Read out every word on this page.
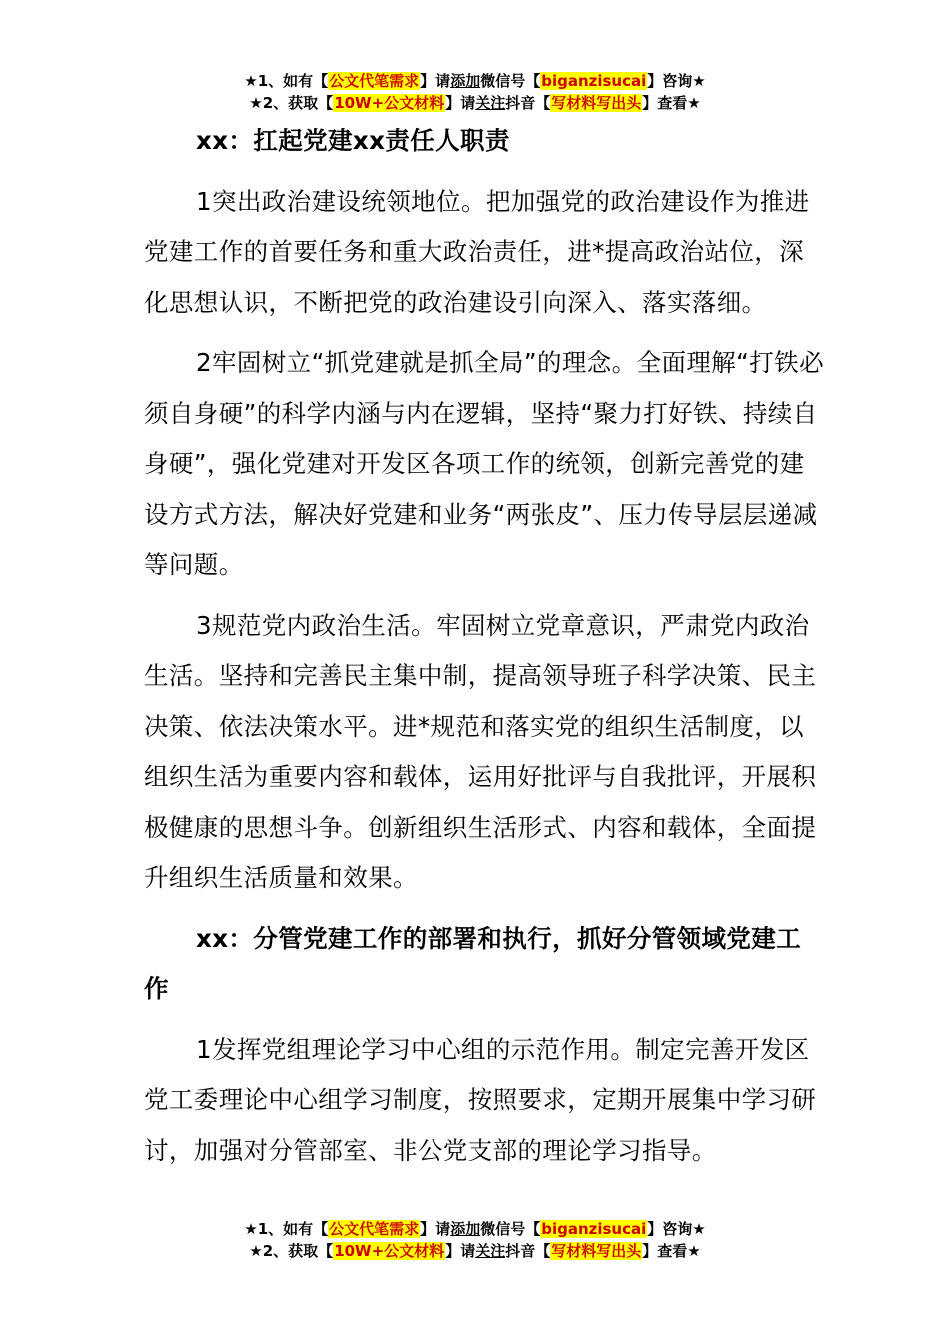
★1、如有【公文代笔需求】请添加微信号【biganzisucai】咨询★
★2、获取【10W+公文材料】请关注抖音【写材料写出头】查看★
xx：扛起党建xx责任人职责

1突出政治建设统领地位。把加强党的政治建设作为推进党建工作的首要任务和重大政治责任，进*提高政治站位，深化思想认识，不断把党的政治建设引向深入、落实落细。

2牢固树立“抓党建就是抓全局”的理念。全面理解“打铁必须自身硬”的科学内涵与内在逻辑，坚持“聚力打好铁、持续自身硬”，强化党建对开发区各项工作的统领，创新完善党的建设方式方法，解决好党建和业务“两张皮”、压力传导层层递减等问题。

3规范党内政治生活。牢固树立党章意识，严肃党内政治生活。坚持和完善民主集中制，提高领导班子科学决策、民主决策、依法决策水平。进*规范和落实党的组织生活制度，以组织生活为重要内容和载体，运用好批评与自我批评，开展积极健康的思想斗争。创新组织生活形式、内容和载体，全面提升组织生活质量和效果。

xx：分管党建工作的部署和执行，抓好分管领域党建工作

1发挥党组理论学习中心组的示范作用。制定完善开发区党工委理论中心组学习制度，按照要求，定期开展集中学习研讨，加强对分管部室、非公党支部的理论学习指导。

★1、如有【公文代笔需求】请添加微信号【biganzisucai】咨询★
★2、获取【10W+公文材料】请关注抖音【写材料写出头】查看★
